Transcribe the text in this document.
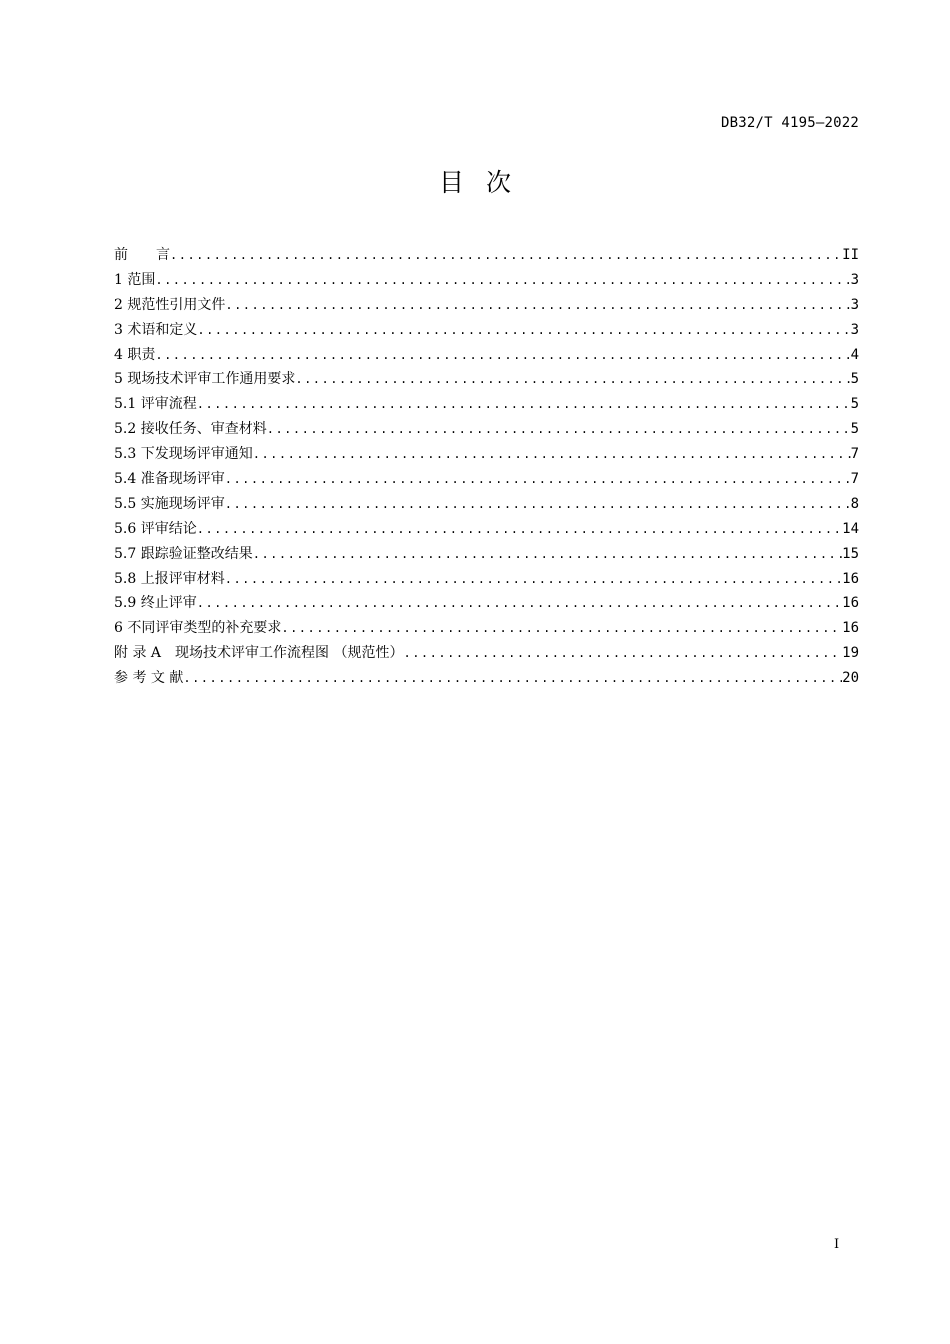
DB32/T 4195—2022
目次
前　　言 .....	II
1 范围 .....	3
2 规范性引用文件 .....	3
3 术语和定义 .....	3
4 职责 .....	4
5 现场技术评审工作通用要求 .....	5
5.1 评审流程 .....	5
5.2 接收任务、审查材料 .....	5
5.3 下发现场评审通知 .....	7
5.4 准备现场评审 .....	7
5.5 实施现场评审 .....	8
5.6 评审结论 .....	14
5.7 跟踪验证整改结果 .....	15
5.8 上报评审材料 .....	16
5.9 终止评审 .....	16
6 不同评审类型的补充要求 .....	16
附 录 A　现场技术评审工作流程图 （规范性） .....	19
参 考 文 献 .....	20
I
